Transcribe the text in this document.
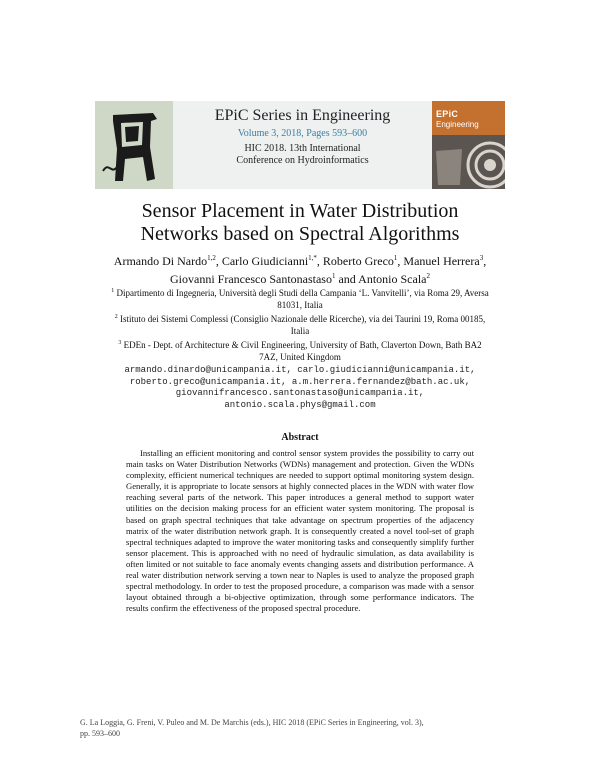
EPiC
Engineering
EPiC Series in Engineering
Volume 3, 2018, Pages 593–600
HIC 2018. 13th International
Conference on Hydroinformatics
Sensor Placement in Water Distribution
Networks based on Spectral Algorithms
Armando Di Nardo$^{1,2}$, Carlo Giudicianni$^{1,*}$, Roberto Greco$^1$, Manuel Herrera$^3$, Giovanni Francesco Santonastaso$^1$ and Antonio Scala$^2$
$^1$ Dipartimento di Ingegneria, Università degli Studi della Campania ‘L. Vanvitelli’, via Roma 29, Aversa 81031, Italia
$^2$ Istituto dei Sistemi Complessi (Consiglio Nazionale delle Ricerche), via dei Taurini 19, Roma 00185, Italia
$^3$ EDEn - Dept. of Architecture & Civil Engineering, University of Bath, Claverton Down, Bath BA2 7AZ, United Kingdom
armando.dinardo@unicampania.it, carlo.giudicianni@unicampania.it,
roberto.greco@unicampania.it, a.m.herrera.fernandez@bath.ac.uk,
giovannifrancesco.santonastaso@unicampania.it,
antonio.scala.phys@gmail.com
Abstract
Installing an efficient monitoring and control sensor system provides the possibility to carry out main tasks on Water Distribution Networks (WDNs) management and protection. Given the WDNs complexity, efficient numerical techniques are needed to support optimal monitoring system design. Generally, it is appropriate to locate sensors at highly connected places in the WDN with water flow reaching several parts of the network. This paper introduces a general method to support water utilities on the decision making process for an efficient water system monitoring. The proposal is based on graph spectral techniques that take advantage on spectrum properties of the adjacency matrix of the water distribution network graph. It is consequently created a novel tool-set of graph spectral techniques adapted to improve the water monitoring tasks and consequently simplify further sensor placement. This is approached with no need of hydraulic simulation, as data availability is often limited or not suitable to face anomaly events changing assets and distribution performance. A real water distribution network serving a town near to Naples is used to analyze the proposed graph spectral methodology. In order to test the proposed procedure, a comparison was made with a sensor layout obtained through a bi-objective optimization, through some performance indicators. The results confirm the effectiveness of the proposed spectral procedure.
G. La Loggia, G. Freni, V. Puleo and M. De Marchis (eds.), HIC 2018 (EPiC Series in Engineering, vol. 3),
pp. 593–600
